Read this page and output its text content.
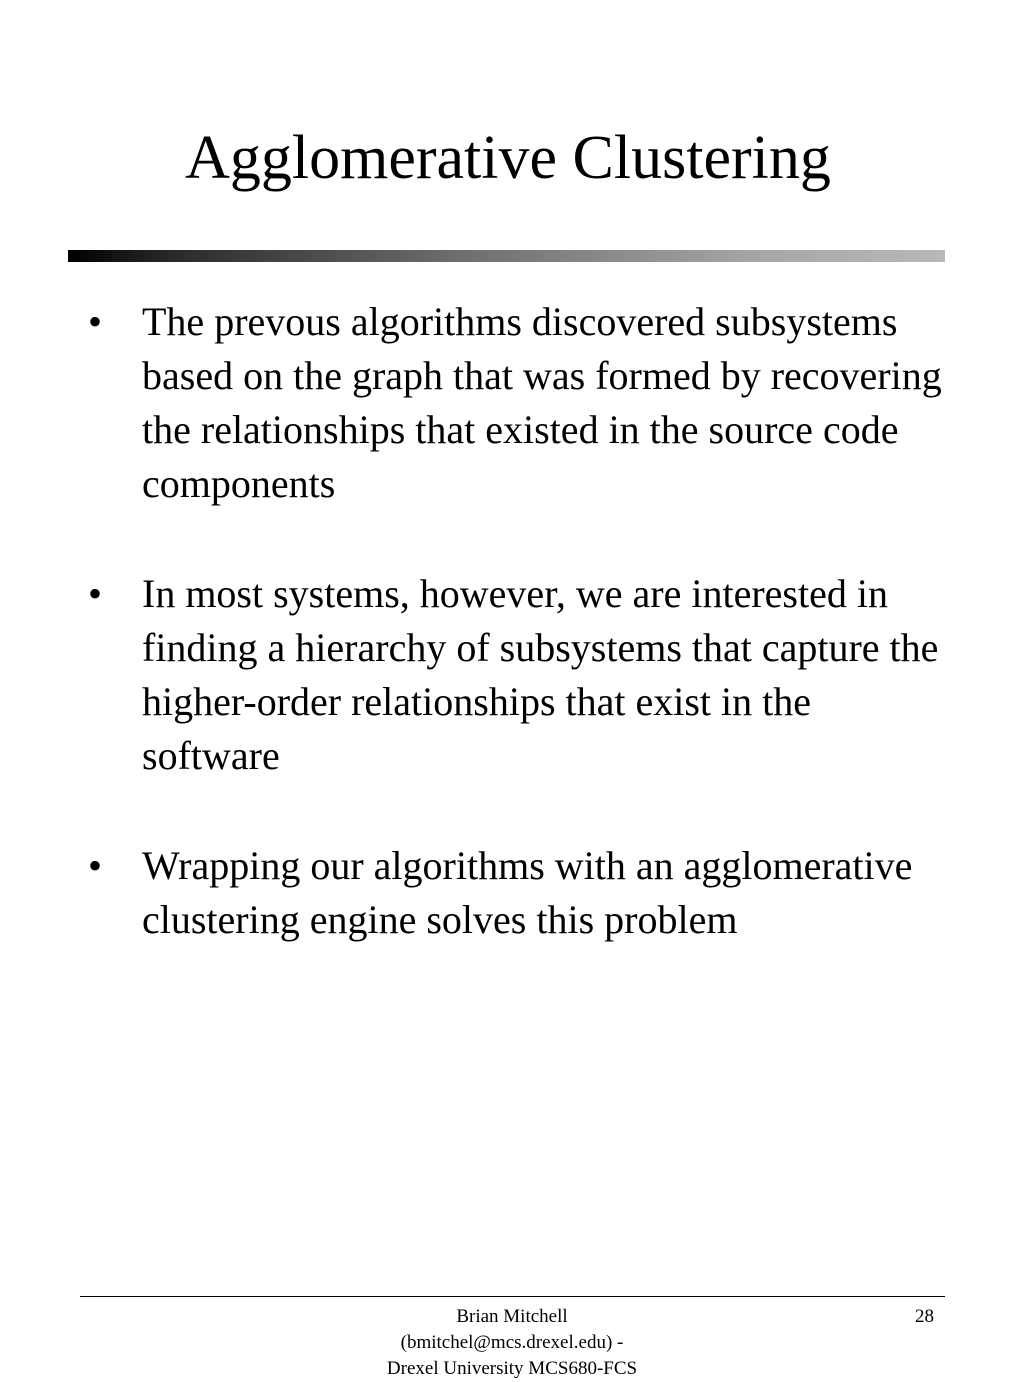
Agglomerative Clustering
• The prevous algorithms discovered subsystems based on the graph that was formed by recovering the relationships that existed in the source code components
• In most systems, however, we are interested in finding a hierarchy of subsystems that capture the higher-order relationships that exist in the software
• Wrapping our algorithms with an agglomerative clustering engine solves this problem
Brian Mitchell
(bmitchel@mcs.drexel.edu) -
Drexel University MCS680-FCS
28
